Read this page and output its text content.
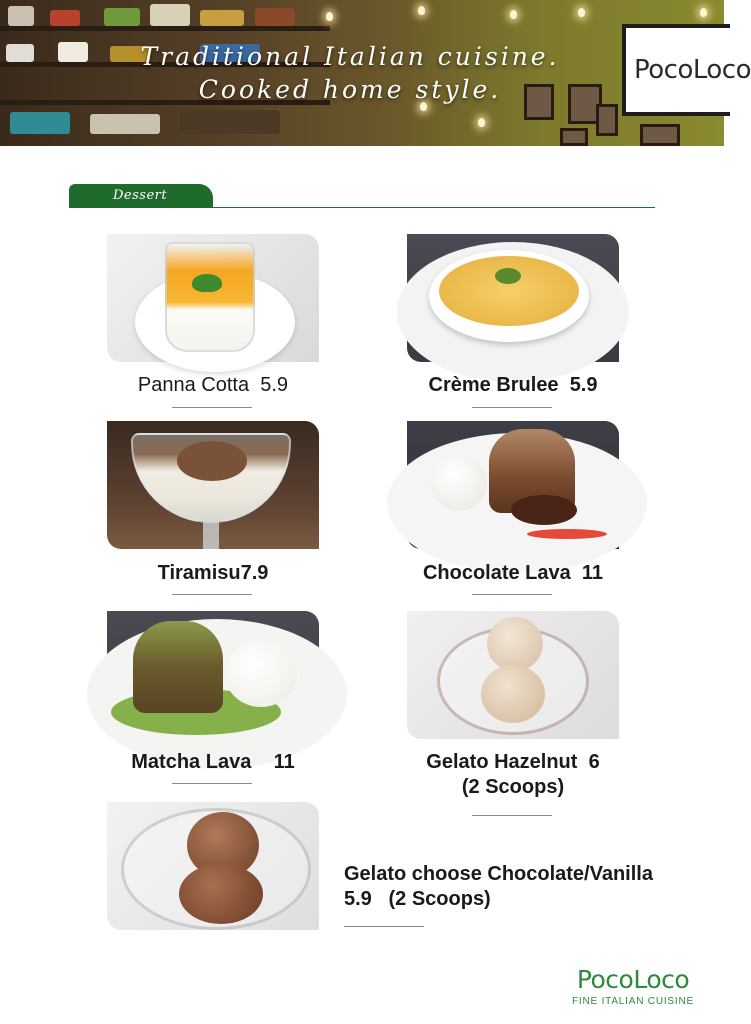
PocoLoco
Traditional Italian cuisine.
Cooked home style.
Dessert
Panna Cotta 5.9	Crème Brulee 5.9
Tiramisu7.9	Chocolate Lava 11
Matcha Lava 11	Gelato Hazelnut 6
(2 Scoops)
Gelato choose Chocolate/Vanilla
5.9 (2 Scoops)
PocoLoco
FINE ITALIAN CUISINE
